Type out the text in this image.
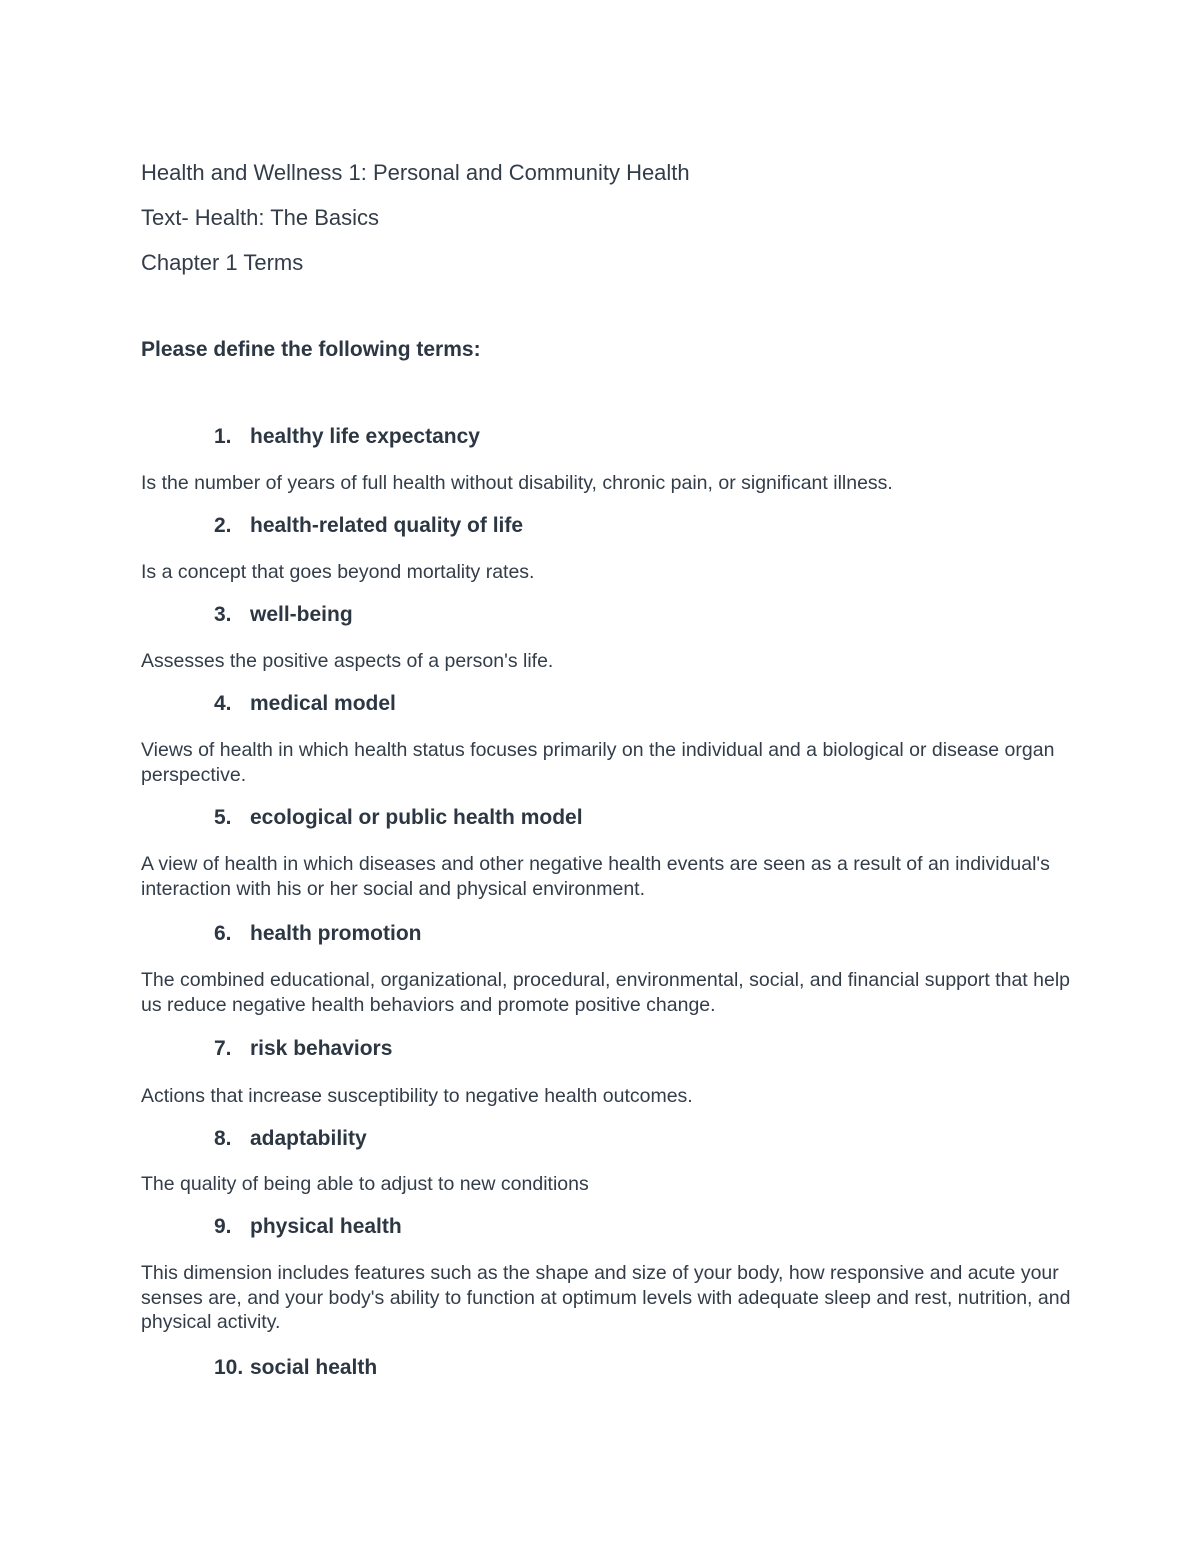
Health and Wellness 1: Personal and Community Health
Text- Health: The Basics
Chapter 1 Terms
Please define the following terms:
1. healthy life expectancy
Is the number of years of full health without disability, chronic pain, or significant illness.
2. health-related quality of life
Is a concept that goes beyond mortality rates.
3. well-being
Assesses the positive aspects of a person's life.
4. medical model
Views of health in which health status focuses primarily on the individual and a biological or disease organ perspective.
5. ecological or public health model
A view of health in which diseases and other negative health events are seen as a result of an individual's interaction with his or her social and physical environment.
6. health promotion
The combined educational, organizational, procedural, environmental, social, and financial support that help us reduce negative health behaviors and promote positive change.
7. risk behaviors
Actions that increase susceptibility to negative health outcomes.
8. adaptability
The quality of being able to adjust to new conditions
9. physical health
This dimension includes features such as the shape and size of your body, how responsive and acute your senses are, and your body's ability to function at optimum levels with adequate sleep and rest, nutrition, and physical activity.
10. social health
